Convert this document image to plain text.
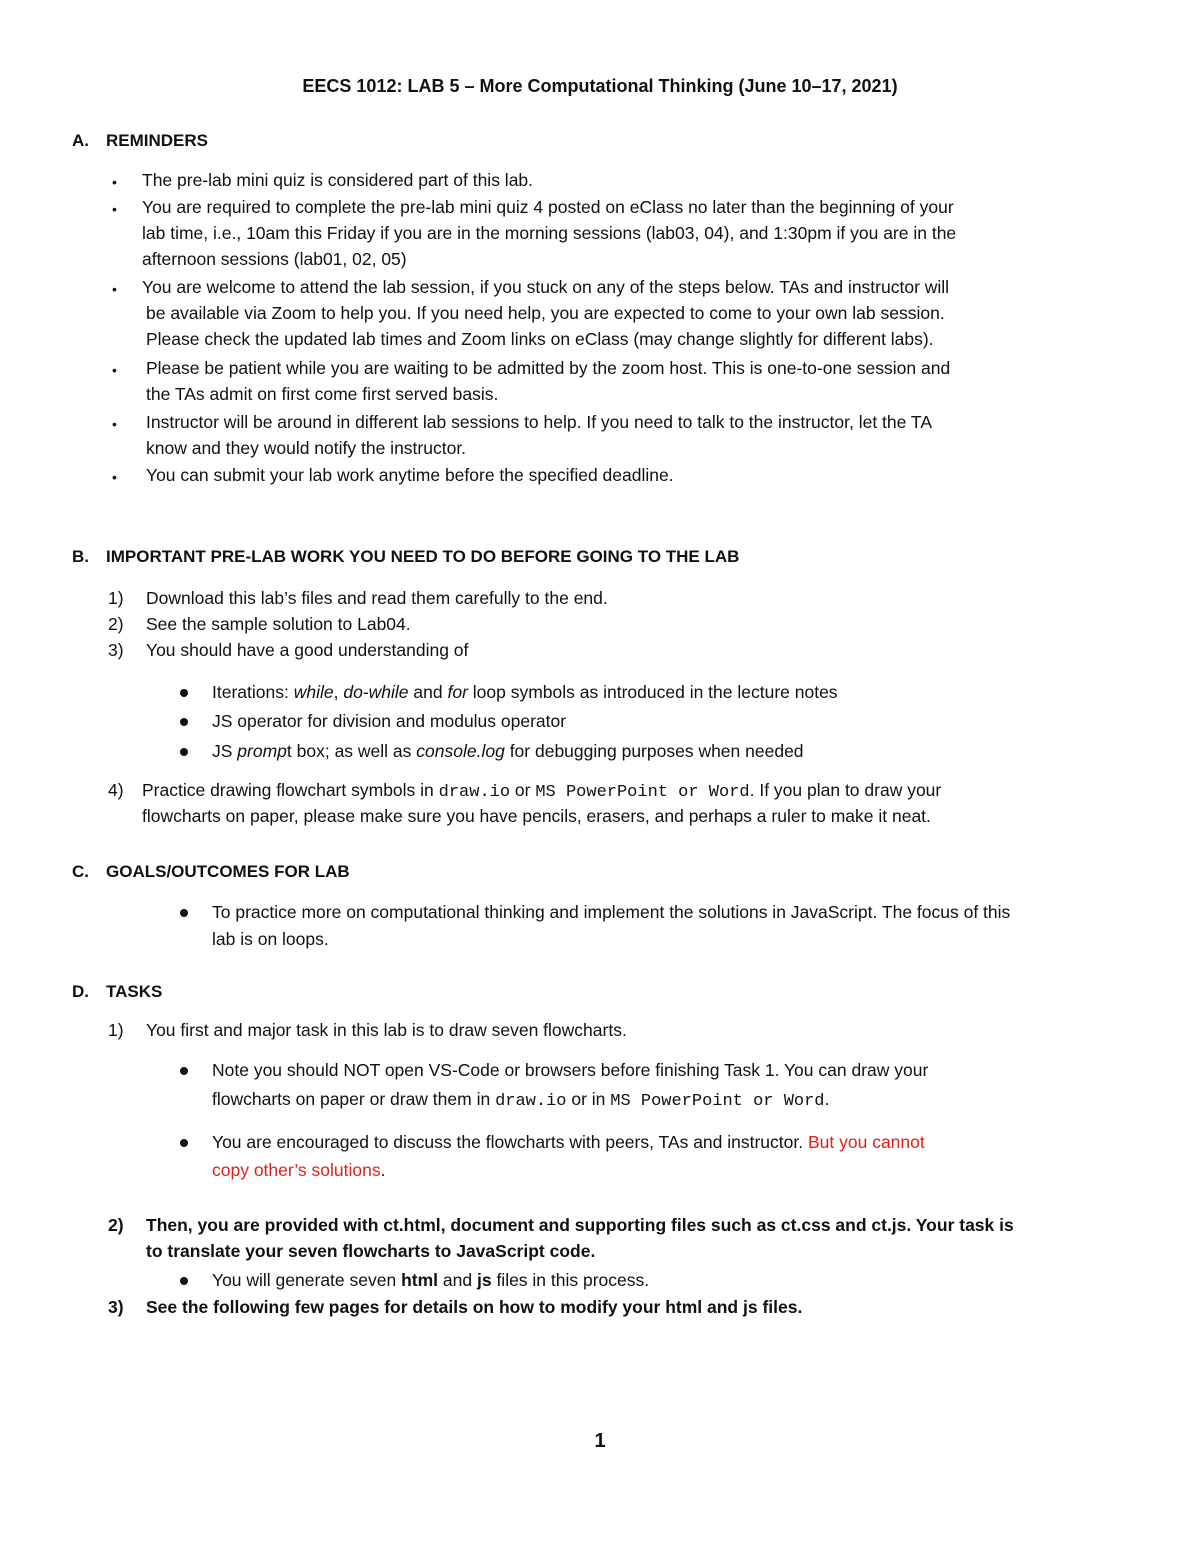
EECS 1012: LAB 5 – More Computational Thinking (June 10–17, 2021)
A. REMINDERS
• The pre-lab mini quiz is considered part of this lab.
• You are required to complete the pre-lab mini quiz 4 posted on eClass no later than the beginning of your
lab time, i.e., 10am this Friday if you are in the morning sessions (lab03, 04), and 1:30pm if you are in the
afternoon sessions (lab01, 02, 05)
• You are welcome to attend the lab session, if you stuck on any of the steps below. TAs and instructor will
be available via Zoom to help you. If you need help, you are expected to come to your own lab session.
Please check the updated lab times and Zoom links on eClass (may change slightly for different labs).
• Please be patient while you are waiting to be admitted by the zoom host. This is one-to-one session and
the TAs admit on first come first served basis.
• Instructor will be around in different lab sessions to help. If you need to talk to the instructor, let the TA
know and they would notify the instructor.
• You can submit your lab work anytime before the specified deadline.
B. IMPORTANT PRE-LAB WORK YOU NEED TO DO BEFORE GOING TO THE LAB
1) Download this lab’s files and read them carefully to the end.
2) See the sample solution to Lab04.
3) You should have a good understanding of
Iterations: while, do-while and for loop symbols as introduced in the lecture notes
JS operator for division and modulus operator
JS prompt box; as well as console.log for debugging purposes when needed
4) Practice drawing flowchart symbols in draw.io or MS PowerPoint or Word. If you plan to draw your
flowcharts on paper, please make sure you have pencils, erasers, and perhaps a ruler to make it neat.
C. GOALS/OUTCOMES FOR LAB
To practice more on computational thinking and implement the solutions in JavaScript. The focus of this
lab is on loops.
D. TASKS
1) You first and major task in this lab is to draw seven flowcharts.
Note you should NOT open VS-Code or browsers before finishing Task 1. You can draw your
flowcharts on paper or draw them in draw.io or in MS PowerPoint or Word.
You are encouraged to discuss the flowcharts with peers, TAs and instructor. But you cannot
copy other’s solutions.
2) Then, you are provided with ct.html, document and supporting files such as ct.css and ct.js. Your task is
to translate your seven flowcharts to JavaScript code.
You will generate seven html and js files in this process.
3) See the following few pages for details on how to modify your html and js files.
1
